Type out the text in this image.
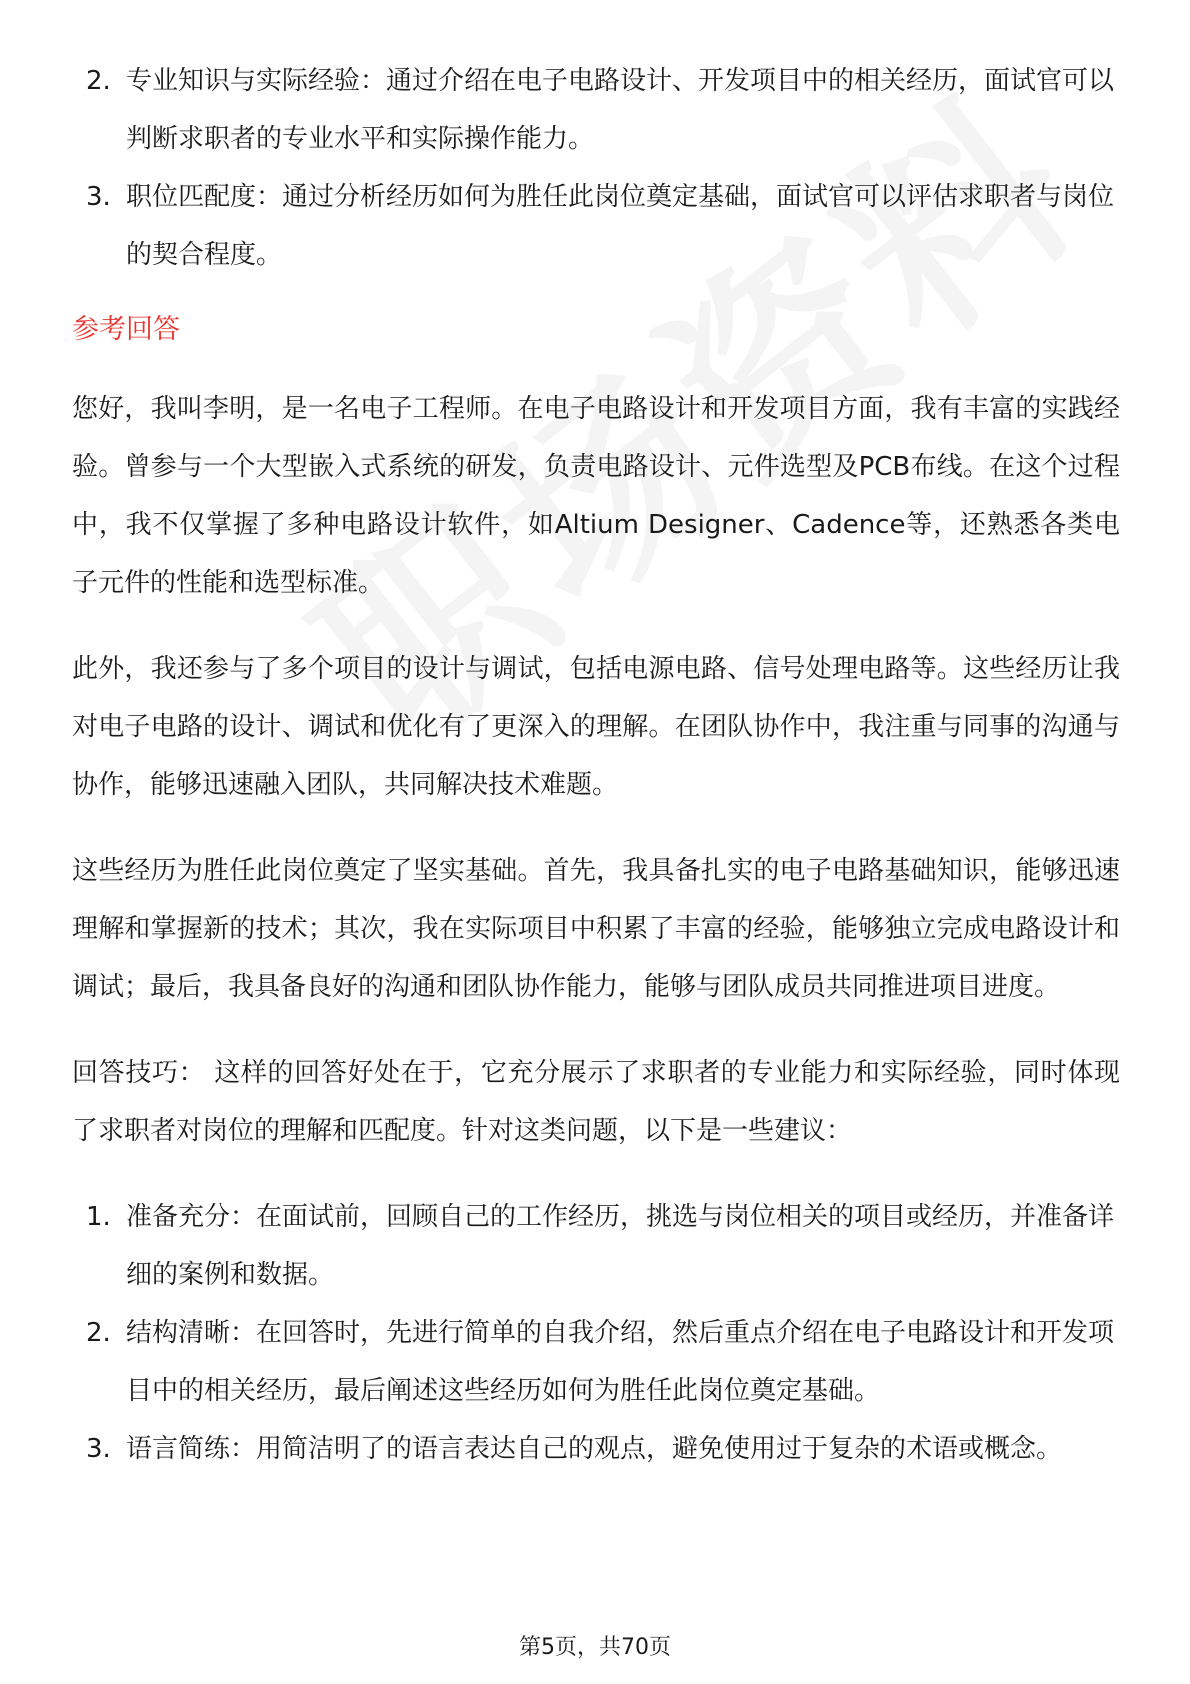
2. 专业知识与实际经验：通过介绍在电子电路设计、开发项目中的相关经历，面试官可以判断求职者的专业水平和实际操作能力。
3. 职位匹配度：通过分析经历如何为胜任此岗位奠定基础，面试官可以评估求职者与岗位的契合程度。
参考回答

您好，我叫李明，是一名电子工程师。在电子电路设计和开发项目方面，我有丰富的实践经验。曾参与一个大型嵌入式系统的研发，负责电路设计、元件选型及PCB布线。在这个过程中，我不仅掌握了多种电路设计软件，如Altium Designer、Cadence等，还熟悉各类电子元件的性能和选型标准。

此外，我还参与了多个项目的设计与调试，包括电源电路、信号处理电路等。这些经历让我对电子电路的设计、调试和优化有了更深入的理解。在团队协作中，我注重与同事的沟通与协作，能够迅速融入团队，共同解决技术难题。

这些经历为胜任此岗位奠定了坚实基础。首先，我具备扎实的电子电路基础知识，能够迅速理解和掌握新的技术；其次，我在实际项目中积累了丰富的经验，能够独立完成电路设计和调试；最后，我具备良好的沟通和团队协作能力，能够与团队成员共同推进项目进度。

回答技巧： 这样的回答好处在于，它充分展示了求职者的专业能力和实际经验，同时体现了求职者对岗位的理解和匹配度。针对这类问题，以下是一些建议：

1. 准备充分：在面试前，回顾自己的工作经历，挑选与岗位相关的项目或经历，并准备详细的案例和数据。
2. 结构清晰：在回答时，先进行简单的自我介绍，然后重点介绍在电子电路设计和开发项目中的相关经历，最后阐述这些经历如何为胜任此岗位奠定基础。
3. 语言简练：用简洁明了的语言表达自己的观点，避免使用过于复杂的术语或概念。
第5页，共70页
